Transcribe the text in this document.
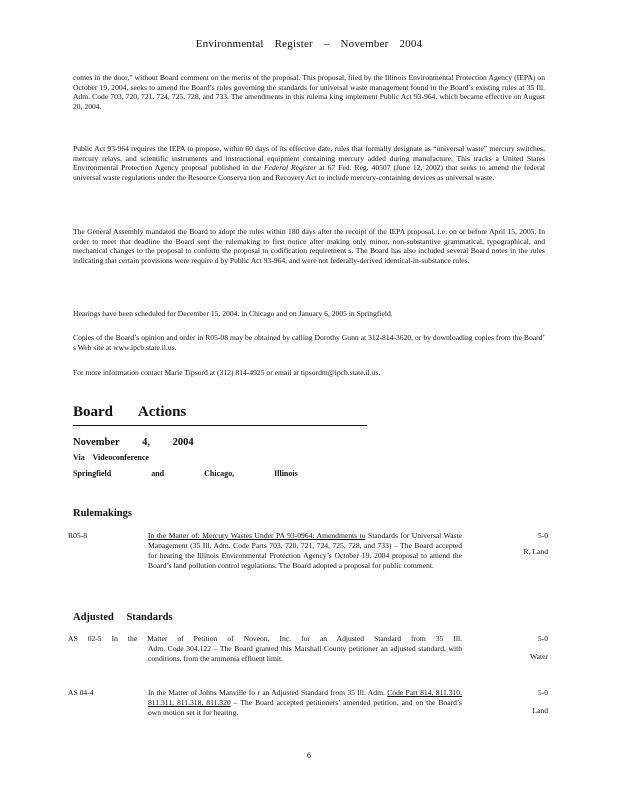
Environmental Register – November 2004

comes in the door,” without Board comment on the merits of the proposal. This proposal, filed by the Illinois Environmental Protection Agency (IEPA) on October 19, 2004, seeks to amend the Board’s rules governing the standards for universal waste management found in the Board’s existing rules at 35 Ill. Adm. Code 703, 720, 721, 724, 725, 728, and 733. The amendments in this rulema king implement Public Act 93-964, which became effective on August 20, 2004.

Public Act 93-964 requires the IEPA to propose, within 60 days of its effective date, rules that formally designate as “universal waste” mercury switches, mercury relays, and scientific instruments and instructional equipment containing mercury added during manufacture. This tracks a United States Environmental Protection Agency proposal published in the Federal Register at 67 Fed. Reg. 40507 (June 12, 2002) that seeks to amend the federal universal waste regulations under the Resource Conserva tion and Recovery Act to include mercury-containing devices as universal waste.

The General Assembly mandated the Board to adopt the rules within 180 days after the receipt of the IEPA proposal, i.e. on or before April 15, 2005. In order to meet that deadline the Board sent the rulemaking to first notice after making only minor, non-substantive grammatical, typographical, and mechanical changes to the proposal to conform the proposal to codification requirement s. The Board has also included several Board notes in the rules indicating that certain provisions were require d by Public Act 93-964, and were not federally-derived identical-in-substance rules.

Hearings have been scheduled for December 15, 2004, in Chicago and on January 6, 2005 in Springfield.

Copies of the Board’s opinion and order in R05-08 may be obtained by calling Dorothy Gunn at 312-814-3620, or by downloading copies from the Board’ s Web site at www.ipcb.state.il.us.

For more information contact Marie Tipsord at (312) 814-4925 or email at tipsordm@ipcb.state.il.us.

Board Actions
November 4, 2004
Via Videoconference
Springfield and Chicago, Illinois
Rulemakings
R05-8	In the Matter of: Mercury Wastes Under PA 93-0964: Amendments to Standards for Universal Waste Management (35 Ill. Adm. Code Parts 703, 720, 721, 724, 725, 728, and 733) – The Board accepted for hearing the Illinois Environmental Protection Agency’s October 19, 2004 proposal to amend the Board’s land pollution control regulations. The Board adopted a proposal for public comment.
5-0
R, Land
Adjusted Standards
AS 02-5 In the Matter of Petition of Noveon, Inc. for an Adjusted Standard from 35 Ill.
Adm. Code 304.122 – The Board granted this Marshall County petitioner an adjusted standard, with conditions, from the ammonia effluent limit.
5-0
Water
AS 04-4	In the Matter of Johns Manville fo r an Adjusted Standard from 35 Ill. Adm. Code Part 814, 811.310, 811.311, 811.318, 811.320 – The Board accepted petitioners’ amended petition, and on the Board’s own motion set it for hearing.
5-0
Land
6
